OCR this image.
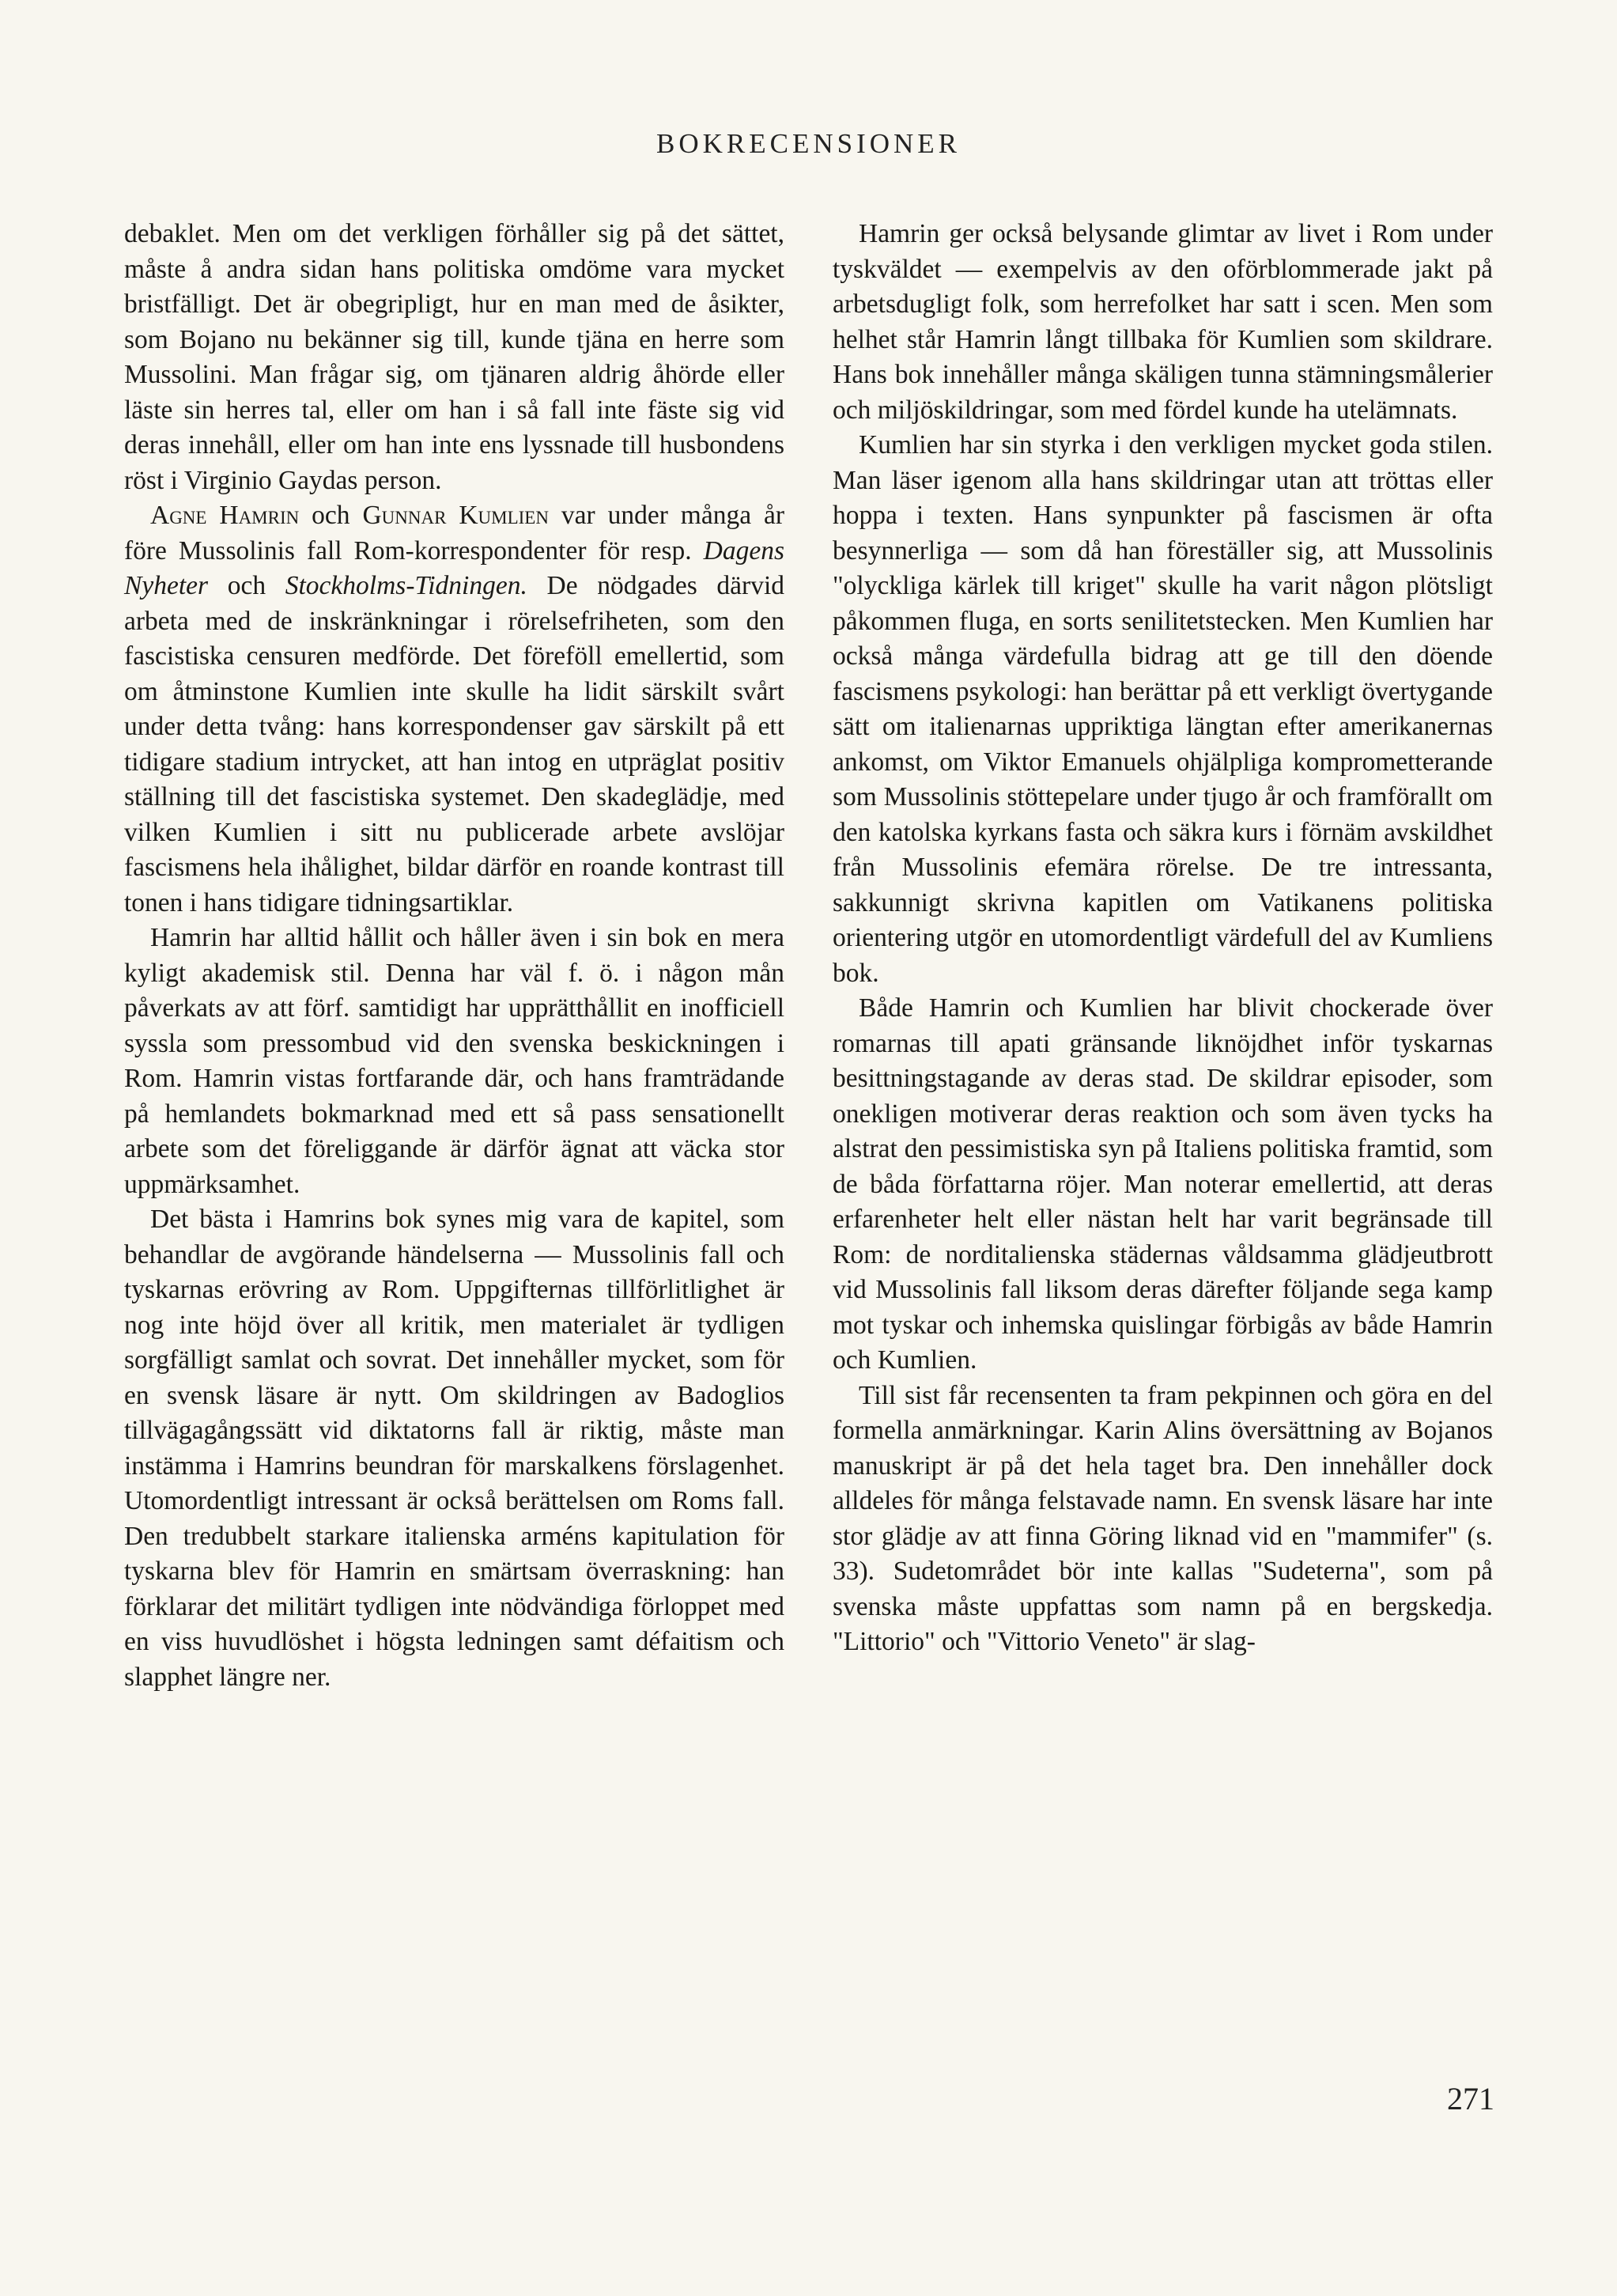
BOKRECENSIONER

debaklet. Men om det verkligen förhåller sig på det sättet, måste å andra sidan hans politiska omdöme vara mycket bristfälligt. Det är obegripligt, hur en man med de åsikter, som Bojano nu bekänner sig till, kunde tjäna en herre som Mussolini. Man frågar sig, om tjänaren aldrig åhörde eller läste sin herres tal, eller om han i så fall inte fäste sig vid deras innehåll, eller om han inte ens lyssnade till husbondens röst i Virginio Gaydas person.

Agne Hamrin och Gunnar Kumlien var under många år före Mussolinis fall Rom-korrespondenter för resp. Dagens Nyheter och Stockholms-Tidningen. De nödgades därvid arbeta med de inskränkningar i rörelsefriheten, som den fascistiska censuren medförde. Det föreföll emellertid, som om åtminstone Kumlien inte skulle ha lidit särskilt svårt under detta tvång: hans korrespondenser gav särskilt på ett tidigare stadium intrycket, att han intog en utpräglat positiv ställning till det fascistiska systemet. Den skadeglädje, med vilken Kumlien i sitt nu publicerade arbete avslöjar fascismens hela ihålighet, bildar därför en roande kontrast till tonen i hans tidigare tidningsartiklar.

Hamrin har alltid hållit och håller även i sin bok en mera kyligt akademisk stil. Denna har väl f. ö. i någon mån påverkats av att förf. samtidigt har upprätthållit en inofficiell syssla som pressombud vid den svenska beskickningen i Rom. Hamrin vistas fortfarande där, och hans framträdande på hemlandets bokmarknad med ett så pass sensationellt arbete som det föreliggande är därför ägnat att väcka stor uppmärksamhet.

Det bästa i Hamrins bok synes mig vara de kapitel, som behandlar de avgörande händelserna — Mussolinis fall och tyskarnas erövring av Rom. Uppgifternas tillförlitlighet är nog inte höjd över all kritik, men materialet är tydligen sorgfälligt samlat och sovrat. Det innehåller mycket, som för en svensk läsare är nytt. Om skildringen av Badoglios tillvägagångssätt vid diktatorns fall är riktig, måste man instämma i Hamrins beundran för marskalkens förslagenhet. Utomordentligt intressant är också berättelsen om Roms fall. Den tredubbelt starkare italienska arméns kapitulation för tyskarna blev för Hamrin en smärtsam överraskning: han förklarar det militärt tydligen inte nödvändiga förloppet med en viss huvudlöshet i högsta ledningen samt défaitism och slapphet längre ner.

Hamrin ger också belysande glimtar av livet i Rom under tyskväldet — exempelvis av den oförblommerade jakt på arbetsdugligt folk, som herrefolket har satt i scen. Men som helhet står Hamrin långt tillbaka för Kumlien som skildrare. Hans bok innehåller många skäligen tunna stämningsmålerier och miljöskildringar, som med fördel kunde ha utelämnats.

Kumlien har sin styrka i den verkligen mycket goda stilen. Man läser igenom alla hans skildringar utan att tröttas eller hoppa i texten. Hans synpunkter på fascismen är ofta besynnerliga — som då han föreställer sig, att Mussolinis "olyckliga kärlek till kriget" skulle ha varit någon plötsligt påkommen fluga, en sorts senilitetstecken. Men Kumlien har också många värdefulla bidrag att ge till den döende fascismens psykologi: han berättar på ett verkligt övertygande sätt om italienarnas uppriktiga längtan efter amerikanernas ankomst, om Viktor Emanuels ohjälpliga komprometterande som Mussolinis stöttepelare under tjugo år och framförallt om den katolska kyrkans fasta och säkra kurs i förnäm avskildhet från Mussolinis efemära rörelse. De tre intressanta, sakkunnigt skrivna kapitlen om Vatikanens politiska orientering utgör en utomordentligt värdefull del av Kumliens bok.

Både Hamrin och Kumlien har blivit chockerade över romarnas till apati gränsande liknöjdhet inför tyskarnas besittningstagande av deras stad. De skildrar episoder, som onekligen motiverar deras reaktion och som även tycks ha alstrat den pessimistiska syn på Italiens politiska framtid, som de båda författarna röjer. Man noterar emellertid, att deras erfarenheter helt eller nästan helt har varit begränsade till Rom: de norditalienska städernas våldsamma glädjeutbrott vid Mussolinis fall liksom deras därefter följande sega kamp mot tyskar och inhemska quislingar förbigås av både Hamrin och Kumlien.

Till sist får recensenten ta fram pekpinnen och göra en del formella anmärkningar. Karin Alins översättning av Bojanos manuskript är på det hela taget bra. Den innehåller dock alldeles för många felstavade namn. En svensk läsare har inte stor glädje av att finna Göring liknad vid en "mammifer" (s. 33). Sudetområdet bör inte kallas "Sudeterna", som på svenska måste uppfattas som namn på en bergskedja. "Littorio" och "Vittorio Veneto" är slag-

271
